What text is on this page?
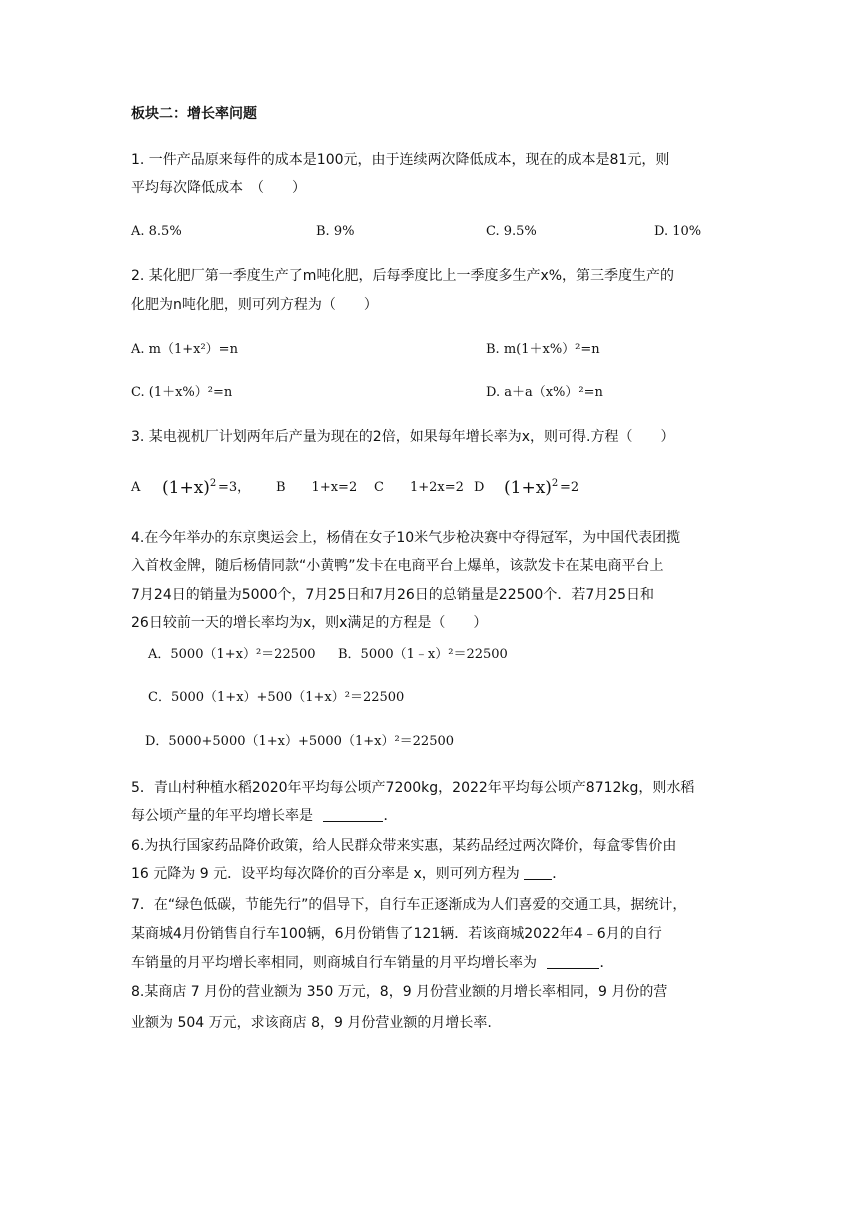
板块二：增长率问题
1. 一件产品原来每件的成本是100元，由于连续两次降低成本，现在的成本是81元，则
平均每次降低成本　（　　）
A. 8.5%	B. 9%	C. 9.5%	D. 10%
2. 某化肥厂第一季度生产了m吨化肥，后每季度比上一季度多生产x%，第三季度生产的
化肥为n吨化肥，则可列方程为（　　）
A. m（1+x²）=n	B. m(1＋x%）²=n
C. (1＋x%）²=n	D. a＋a（x%）²=n
3. 某电视机厂计划两年后产量为现在的2倍，如果每年增长率为x，则可得.方程（　　）
A $(1+x)^2 =3$， B　　1+x=2 C　　1+2x=2 D $(1+x)^2 =2$
4.在今年举办的东京奥运会上，杨倩在女子10米气步枪决赛中夺得冠军，为中国代表团揽
入首枚金牌，随后杨倩同款“小黄鸭”发卡在电商平台上爆单，该款发卡在某电商平台上
7月24日的销量为5000个，7月25日和7月26日的总销量是22500个．若7月25日和
26日较前一天的增长率均为x，则x满足的方程是（　　）
A．5000（1+x）²＝22500 B．5000（1﹣x）²＝22500
C．5000（1+x）+500（1+x）²＝22500
D．5000+5000（1+x）+5000（1+x）²＝22500
5．青山村种植水稻2020年平均每公顷产7200kg，2022年平均每公顷产8712kg，则水稻
每公顷产量的年平均增长率是	．
6.为执行国家药品降价政策，给人民群众带来实惠，某药品经过两次降价，每盒零售价由
16 元降为 9 元．设平均每次降价的百分率是 x，则可列方程为 ．
7．在“绿色低碳，节能先行”的倡导下，自行车正逐渐成为人们喜爱的交通工具，据统计，
某商城4月份销售自行车100辆，6月份销售了121辆．若该商城2022年4﹣6月的自行
车销量的月平均增长率相同，则商城自行车销量的月平均增长率为	．
8.某商店 7 月份的营业额为 350 万元，8，9 月份营业额的月增长率相同，9 月份的营
业额为 504 万元，求该商店 8，9 月份营业额的月增长率.
